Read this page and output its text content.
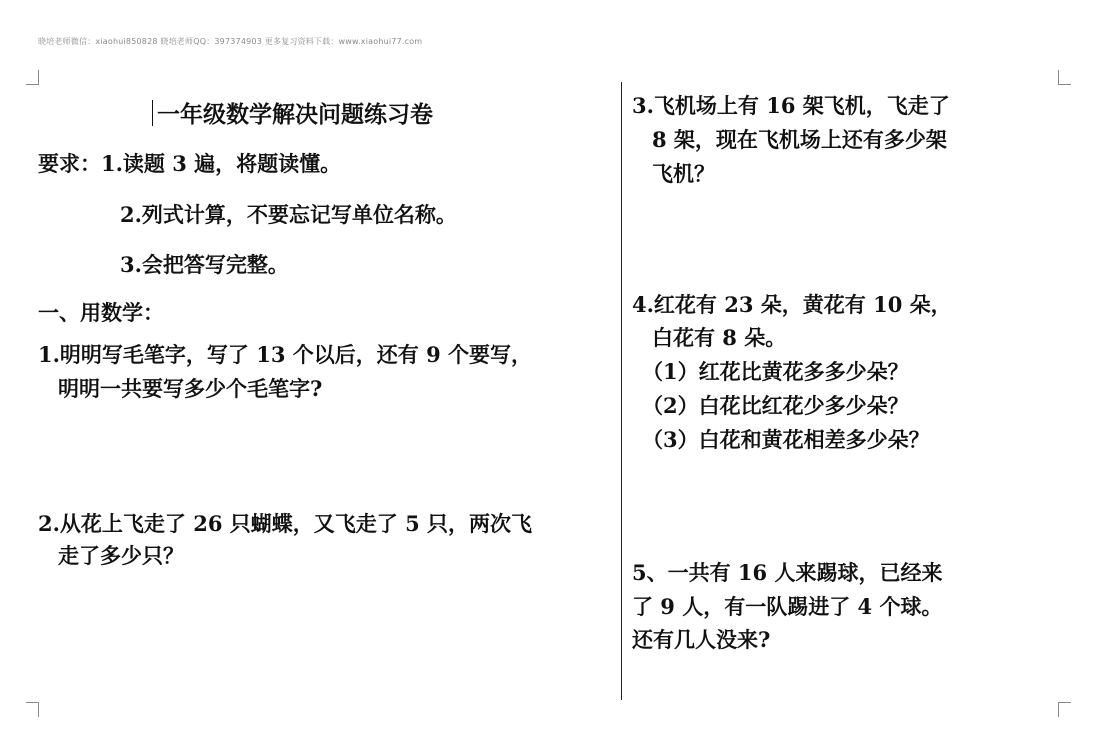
晓培老师微信：xiaohui850828 晓培老师QQ：397374903 更多复习资料下载：www.xiaohui77.com
一年级数学解决问题练习卷
要求：1.读题 3 遍，将题读懂。
2.列式计算，不要忘记写单位名称。
3.会把答写完整。
一、用数学：
1.明明写毛笔字，写了 13 个以后，还有 9 个要写，
明明一共要写多少个毛笔字?
2.从花上飞走了 26 只蝴蝶，又飞走了 5 只，两次飞
走了多少只？
3.飞机场上有 16 架飞机，飞走了
8 架，现在飞机场上还有多少架
飞机？
4.红花有 23 朵，黄花有 10 朵，
白花有 8 朵。
（1）红花比黄花多多少朵？
（2）白花比红花少多少朵？
（3）白花和黄花相差多少朵？
5、一共有 16 人来踢球，已经来
了 9 人，有一队踢进了 4 个球。
还有几人没来?
